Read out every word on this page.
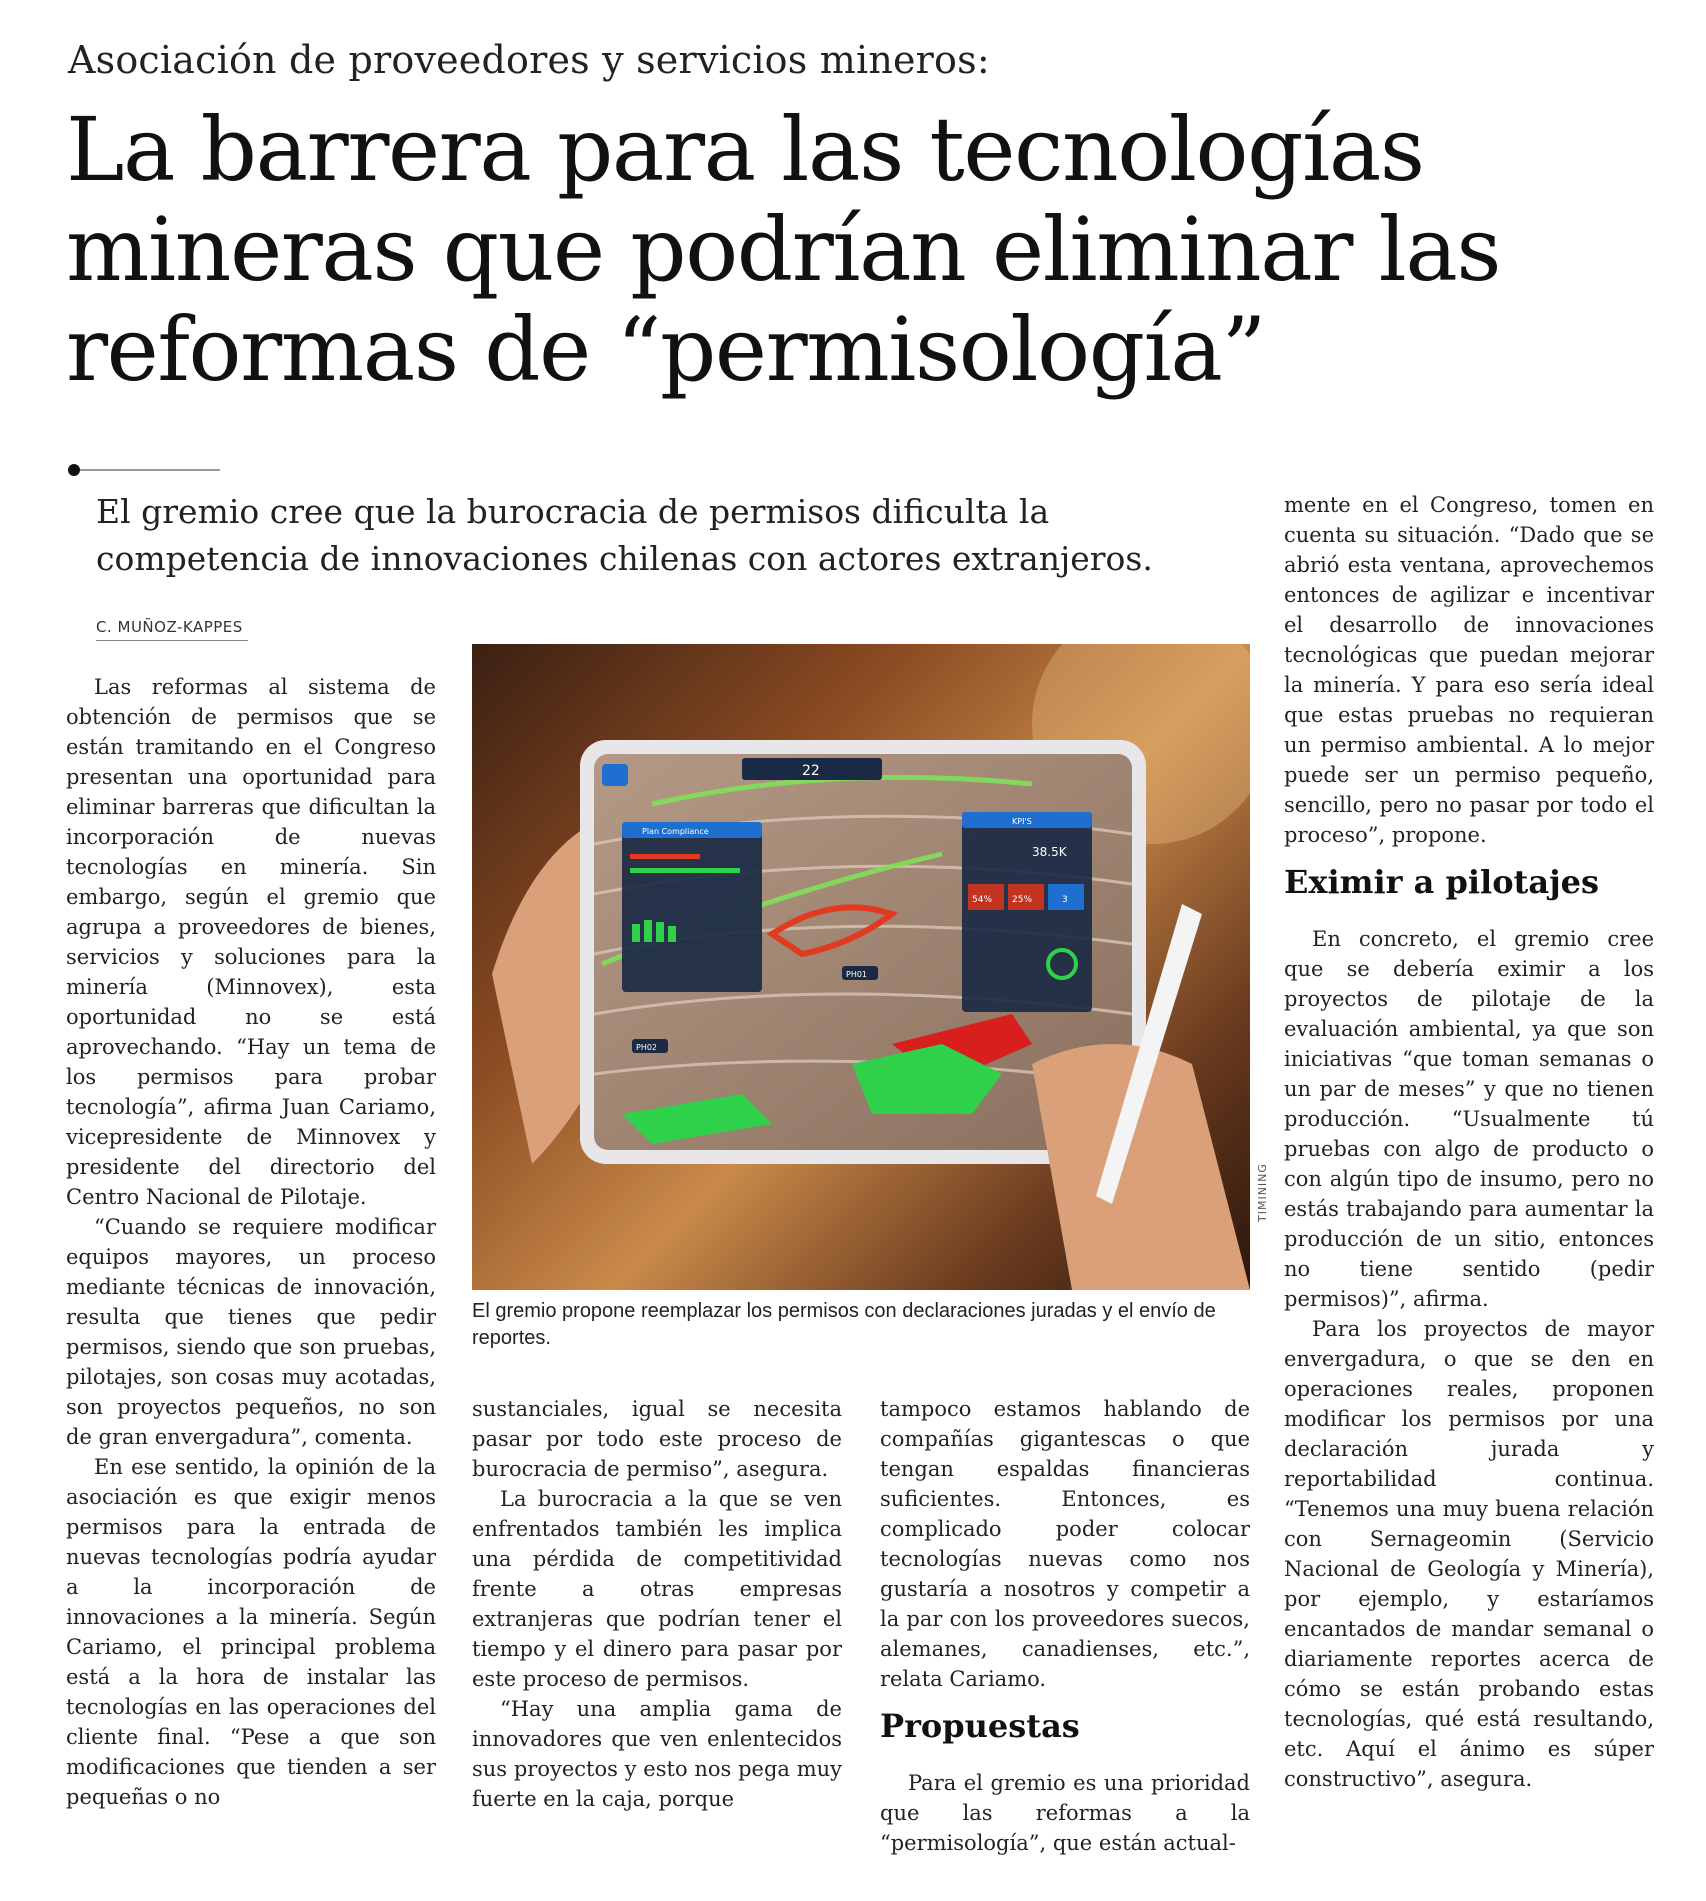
Asociación de proveedores y servicios mineros:
La barrera para las tecnologías mineras que podrían eliminar las reformas de “permisología”
El gremio cree que la burocracia de permisos dificulta la competencia de innovaciones chilenas con actores extranjeros.
C. MUÑOZ-KAPPES

Las reformas al sistema de obtención de permisos que se están tramitando en el Congreso presentan una oportunidad para eliminar barreras que dificultan la incorporación de nuevas tecnologías en minería. Sin embargo, según el gremio que agrupa a proveedores de bienes, servicios y soluciones para la minería (Minnovex), esta oportunidad no se está aprovechando. “Hay un tema de los permisos para probar tecnología”, afirma Juan Cariamo, vicepresidente de Minnovex y presidente del directorio del Centro Nacional de Pilotaje.

“Cuando se requiere modificar equipos mayores, un proceso mediante técnicas de innovación, resulta que tienes que pedir permisos, siendo que son pruebas, pilotajes, son cosas muy acotadas, son proyectos pequeños, no son de gran envergadura”, comenta.

En ese sentido, la opinión de la asociación es que exigir menos permisos para la entrada de nuevas tecnologías podría ayudar a la incorporación de innovaciones a la minería. Según Cariamo, el principal problema está a la hora de instalar las tecnologías en las operaciones del cliente final. “Pese a que son modificaciones que tienden a ser pequeñas o no

22
Plan Compliance
KPI'S
38.5K
54% 25%	3
PH01
PH02
TIMINING
El gremio propone reemplazar los permisos con declaraciones juradas y el envío de reportes.

sustanciales, igual se necesita pasar por todo este proceso de burocracia de permiso”, asegura.

La burocracia a la que se ven enfrentados también les implica una pérdida de competitividad frente a otras empresas extranjeras que podrían tener el tiempo y el dinero para pasar por este proceso de permisos.

“Hay una amplia gama de innovadores que ven enlentecidos sus proyectos y esto nos pega muy fuerte en la caja, porque

tampoco estamos hablando de compañías gigantescas o que tengan espaldas financieras suficientes. Entonces, es complicado poder colocar tecnologías nuevas como nos gustaría a nosotros y competir a la par con los proveedores suecos, alemanes, canadienses, etc.”, relata Cariamo.

Propuestas

Para el gremio es una prioridad que las reformas a la “permisología”, que están actual-

mente en el Congreso, tomen en cuenta su situación. “Dado que se abrió esta ventana, aprovechemos entonces de agilizar e incentivar el desarrollo de innovaciones tecnológicas que puedan mejorar la minería. Y para eso sería ideal que estas pruebas no requieran un permiso ambiental. A lo mejor puede ser un permiso pequeño, sencillo, pero no pasar por todo el proceso”, propone.

Eximir a pilotajes

En concreto, el gremio cree que se debería eximir a los proyectos de pilotaje de la evaluación ambiental, ya que son iniciativas “que toman semanas o un par de meses” y que no tienen producción. “Usualmente tú pruebas con algo de producto o con algún tipo de insumo, pero no estás trabajando para aumentar la producción de un sitio, entonces no tiene sentido (pedir permisos)”, afirma.

Para los proyectos de mayor envergadura, o que se den en operaciones reales, proponen modificar los permisos por una declaración jurada y reportabilidad continua. “Tenemos una muy buena relación con Sernageomin (Servicio Nacional de Geología y Minería), por ejemplo, y estaríamos encantados de mandar semanal o diariamente reportes acerca de cómo se están probando estas tecnologías, qué está resultando, etc. Aquí el ánimo es súper constructivo”, asegura.
